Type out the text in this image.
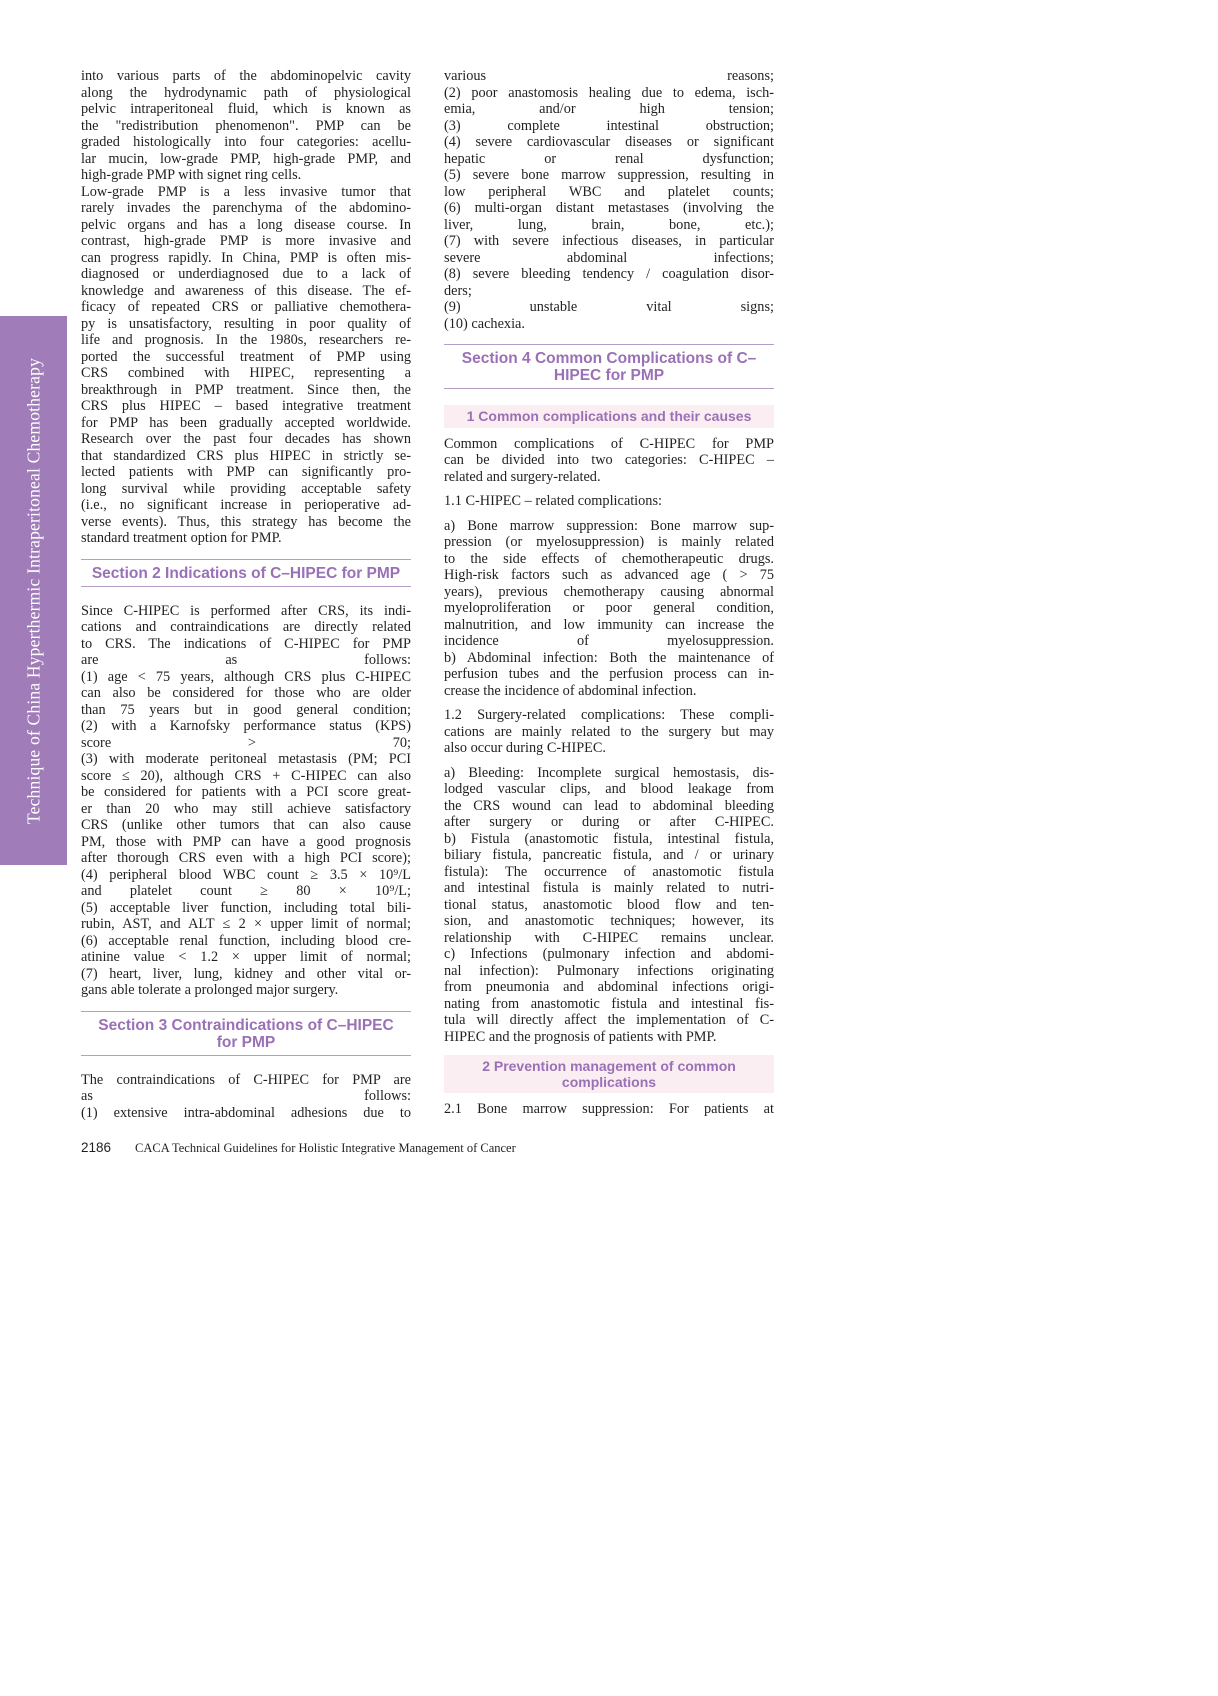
Technique of China Hyperthermic Intraperitoneal Chemotherapy
into various parts of the abdominopelvic cavity
along the hydrodynamic path of physiological
pelvic intraperitoneal fluid, which is known as
the "redistribution phenomenon". PMP can be
graded histologically into four categories: acellu-
lar mucin, low-grade PMP, high-grade PMP, and
high-grade PMP with signet ring cells.
Low-grade PMP is a less invasive tumor that
rarely invades the parenchyma of the abdomino-
pelvic organs and has a long disease course. In
contrast, high-grade PMP is more invasive and
can progress rapidly. In China, PMP is often mis-
diagnosed or underdiagnosed due to a lack of
knowledge and awareness of this disease. The ef-
ficacy of repeated CRS or palliative chemothera-
py is unsatisfactory, resulting in poor quality of
life and prognosis. In the 1980s, researchers re-
ported the successful treatment of PMP using
CRS combined with HIPEC, representing a
breakthrough in PMP treatment. Since then, the
CRS plus HIPEC – based integrative treatment
for PMP has been gradually accepted worldwide.
Research over the past four decades has shown
that standardized CRS plus HIPEC in strictly se-
lected patients with PMP can significantly pro-
long survival while providing acceptable safety
(i.e., no significant increase in perioperative ad-
verse events). Thus, this strategy has become the
standard treatment option for PMP.
Section 2 Indications of C–HIPEC for PMP
Since C-HIPEC is performed after CRS, its indi-
cations and contraindications are directly related
to CRS. The indications of C-HIPEC for PMP
are as follows:
(1) age < 75 years, although CRS plus C-HIPEC
can also be considered for those who are older
than 75 years but in good general condition;
(2) with a Karnofsky performance status (KPS)
score > 70;
(3) with moderate peritoneal metastasis (PM; PCI
score ≤ 20), although CRS + C-HIPEC can also
be considered for patients with a PCI score great-
er than 20 who may still achieve satisfactory
CRS (unlike other tumors that can also cause
PM, those with PMP can have a good prognosis
after thorough CRS even with a high PCI score);
(4) peripheral blood WBC count ≥ 3.5 × 10⁹/L
and platelet count ≥ 80 × 10⁹/L;
(5) acceptable liver function, including total bili-
rubin, AST, and ALT ≤ 2 × upper limit of normal;
(6) acceptable renal function, including blood cre-
atinine value < 1.2 × upper limit of normal;
(7) heart, liver, lung, kidney and other vital or-
gans able tolerate a prolonged major surgery.
Section 3 Contraindications of C–HIPEC
for PMP
The contraindications of C-HIPEC for PMP are
as follows:
(1) extensive intra-abdominal adhesions due to
various reasons;
(2) poor anastomosis healing due to edema, isch-
emia, and/or high tension;
(3) complete intestinal obstruction;
(4) severe cardiovascular diseases or significant
hepatic or renal dysfunction;
(5) severe bone marrow suppression, resulting in
low peripheral WBC and platelet counts;
(6) multi-organ distant metastases (involving the
liver, lung, brain, bone, etc.);
(7) with severe infectious diseases, in particular
severe abdominal infections;
(8) severe bleeding tendency / coagulation disor-
ders;
(9) unstable vital signs;
(10) cachexia.
Section 4 Common Complications of C–
HIPEC for PMP
1 Common complications and their causes
Common complications of C-HIPEC for PMP
can be divided into two categories: C-HIPEC –
related and surgery-related.
1.1 C-HIPEC – related complications:
a) Bone marrow suppression: Bone marrow sup-
pression (or myelosuppression) is mainly related
to the side effects of chemotherapeutic drugs.
High-risk factors such as advanced age ( > 75
years), previous chemotherapy causing abnormal
myeloproliferation or poor general condition,
malnutrition, and low immunity can increase the
incidence of myelosuppression.
b) Abdominal infection: Both the maintenance of
perfusion tubes and the perfusion process can in-
crease the incidence of abdominal infection.
1.2 Surgery-related complications: These compli-
cations are mainly related to the surgery but may
also occur during C-HIPEC.
a) Bleeding: Incomplete surgical hemostasis, dis-
lodged vascular clips, and blood leakage from
the CRS wound can lead to abdominal bleeding
after surgery or during or after C-HIPEC.
b) Fistula (anastomotic fistula, intestinal fistula,
biliary fistula, pancreatic fistula, and / or urinary
fistula): The occurrence of anastomotic fistula
and intestinal fistula is mainly related to nutri-
tional status, anastomotic blood flow and ten-
sion, and anastomotic techniques; however, its
relationship with C-HIPEC remains unclear.
c) Infections (pulmonary infection and abdomi-
nal infection): Pulmonary infections originating
from pneumonia and abdominal infections origi-
nating from anastomotic fistula and intestinal fis-
tula will directly affect the implementation of C-
HIPEC and the prognosis of patients with PMP.
2 Prevention management of common
complications
2.1 Bone marrow suppression: For patients at
2186 CACA Technical Guidelines for Holistic Integrative Management of Cancer
